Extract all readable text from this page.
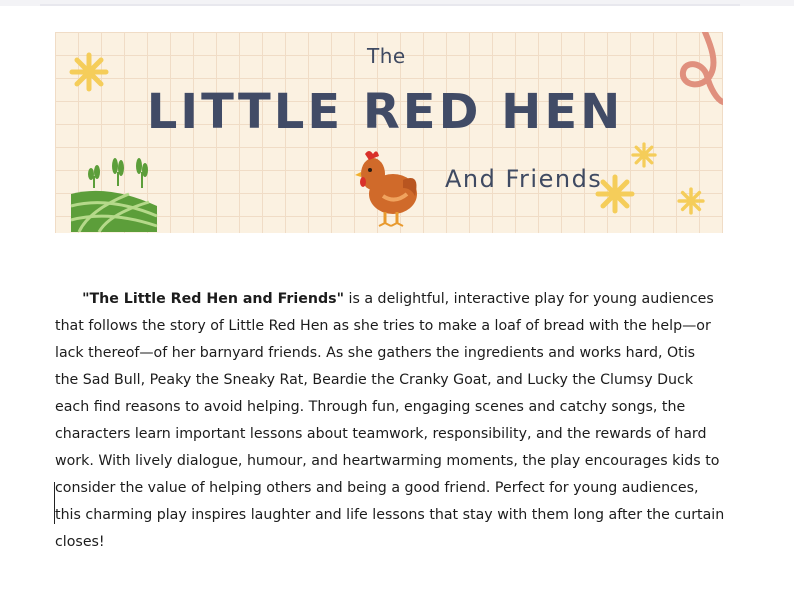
The
LITTLE RED HEN
And Friends

"The Little Red Hen and Friends" is a delightful, interactive play for young audiences
that follows the story of Little Red Hen as she tries to make a loaf of bread with the help—or
lack thereof—of her barnyard friends. As she gathers the ingredients and works hard, Otis
the Sad Bull, Peaky the Sneaky Rat, Beardie the Cranky Goat, and Lucky the Clumsy Duck
each find reasons to avoid helping. Through fun, engaging scenes and catchy songs, the
characters learn important lessons about teamwork, responsibility, and the rewards of hard
work. With lively dialogue, humour, and heartwarming moments, the play encourages kids to
consider the value of helping others and being a good friend. Perfect for young audiences,
this charming play inspires laughter and life lessons that stay with them long after the curtain
closes!
